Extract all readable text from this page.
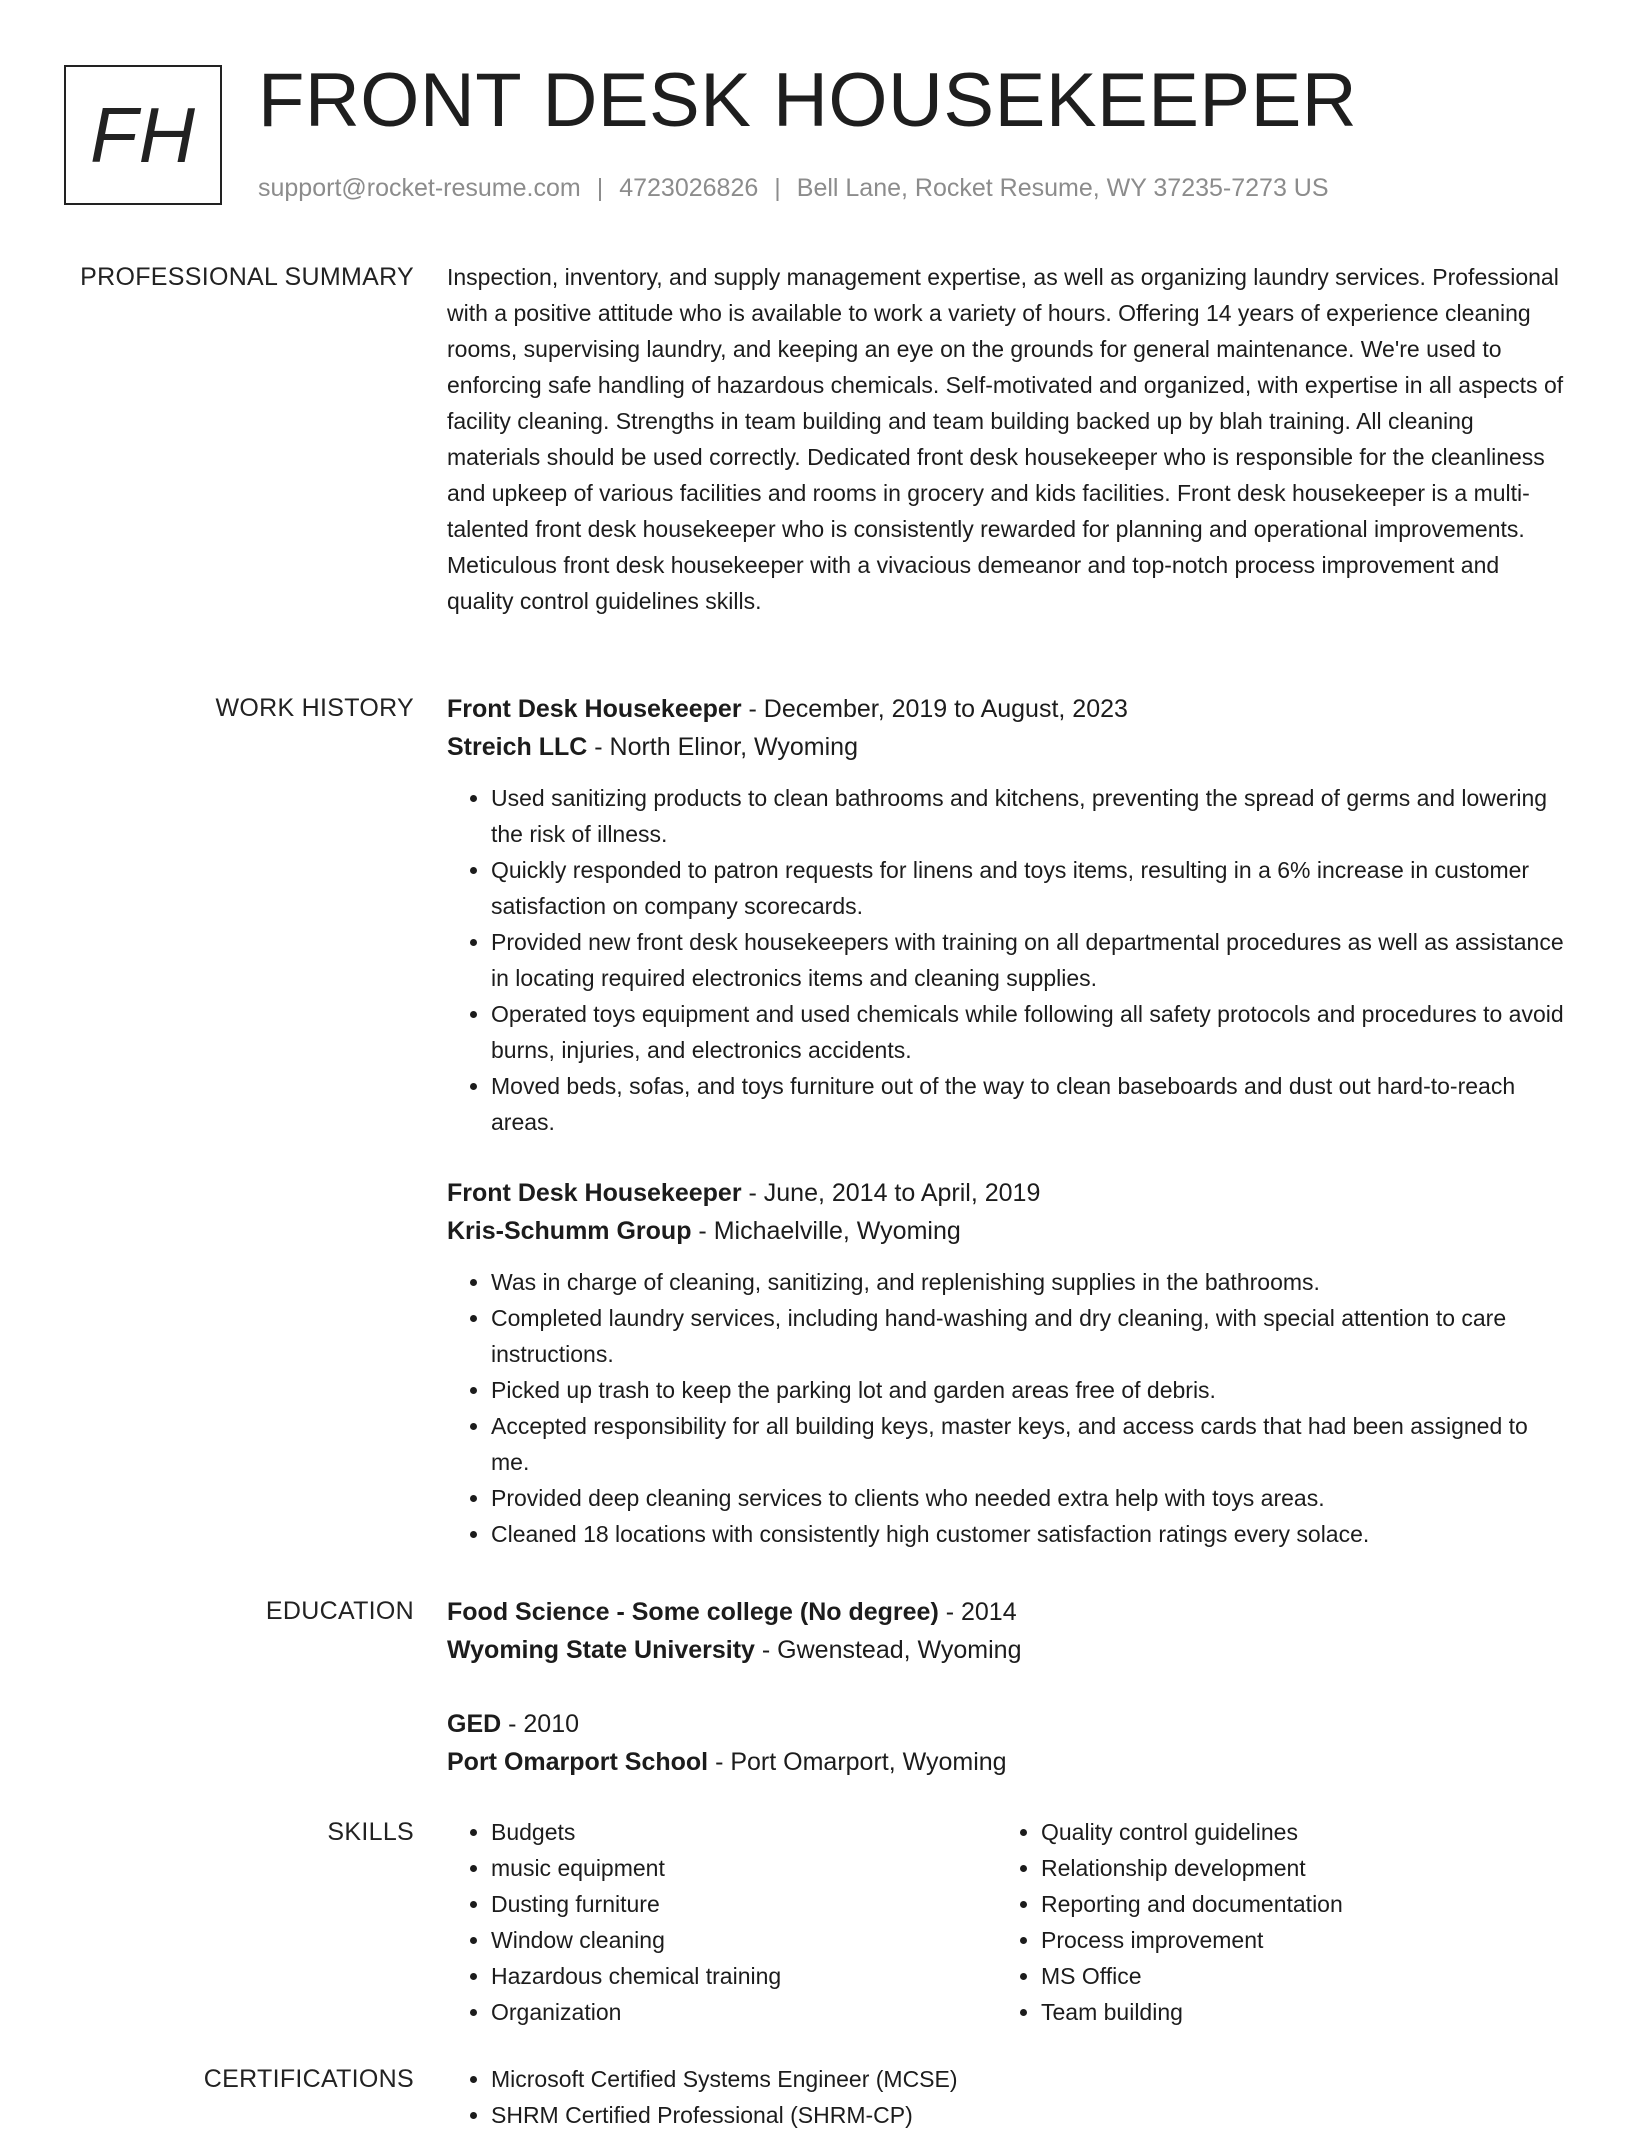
FH FRONT DESK HOUSEKEEPER
support@rocket-resume.com | 4723026826 | Bell Lane, Rocket Resume, WY 37235-7273 US
PROFESSIONAL SUMMARY Inspection, inventory, and supply management expertise, as well as organizing laundry services. Professional with a positive attitude who is available to work a variety of hours. Offering 14 years of experience cleaning rooms, supervising laundry, and keeping an eye on the grounds for general maintenance. We're used to enforcing safe handling of hazardous chemicals. Self-motivated and organized, with expertise in all aspects of facility cleaning. Strengths in team building and team building backed up by blah training. All cleaning materials should be used correctly. Dedicated front desk housekeeper who is responsible for the cleanliness and upkeep of various facilities and rooms in grocery and kids facilities. Front desk housekeeper is a multi-talented front desk housekeeper who is consistently rewarded for planning and operational improvements. Meticulous front desk housekeeper with a vivacious demeanor and top-notch process improvement and quality control guidelines skills.

WORK HISTORY Front Desk Housekeeper - December, 2019 to August, 2023
Streich LLC - North Elinor, Wyoming
• Used sanitizing products to clean bathrooms and kitchens, preventing the spread of germs and lowering the risk of illness.
• Quickly responded to patron requests for linens and toys items, resulting in a 6% increase in customer satisfaction on company scorecards.
• Provided new front desk housekeepers with training on all departmental procedures as well as assistance in locating required electronics items and cleaning supplies.
• Operated toys equipment and used chemicals while following all safety protocols and procedures to avoid burns, injuries, and electronics accidents.
• Moved beds, sofas, and toys furniture out of the way to clean baseboards and dust out hard-to-reach areas.
Front Desk Housekeeper - June, 2014 to April, 2019
Kris-Schumm Group - Michaelville, Wyoming
• Was in charge of cleaning, sanitizing, and replenishing supplies in the bathrooms.
• Completed laundry services, including hand-washing and dry cleaning, with special attention to care instructions.
• Picked up trash to keep the parking lot and garden areas free of debris.
• Accepted responsibility for all building keys, master keys, and access cards that had been assigned to me.
• Provided deep cleaning services to clients who needed extra help with toys areas.
• Cleaned 18 locations with consistently high customer satisfaction ratings every solace.
EDUCATION Food Science - Some college (No degree) - 2014
Wyoming State University - Gwenstead, Wyoming
GED - 2010
Port Omarport School - Port Omarport, Wyoming
SKILLS	• Budgets
• music equipment
• Dusting furniture
• Window cleaning
• Hazardous chemical training
• Organization
• Quality control guidelines
• Relationship development
• Reporting and documentation
• Process improvement
• MS Office
• Team building
CERTIFICATIONS	• Microsoft Certified Systems Engineer (MCSE)
• SHRM Certified Professional (SHRM-CP)
